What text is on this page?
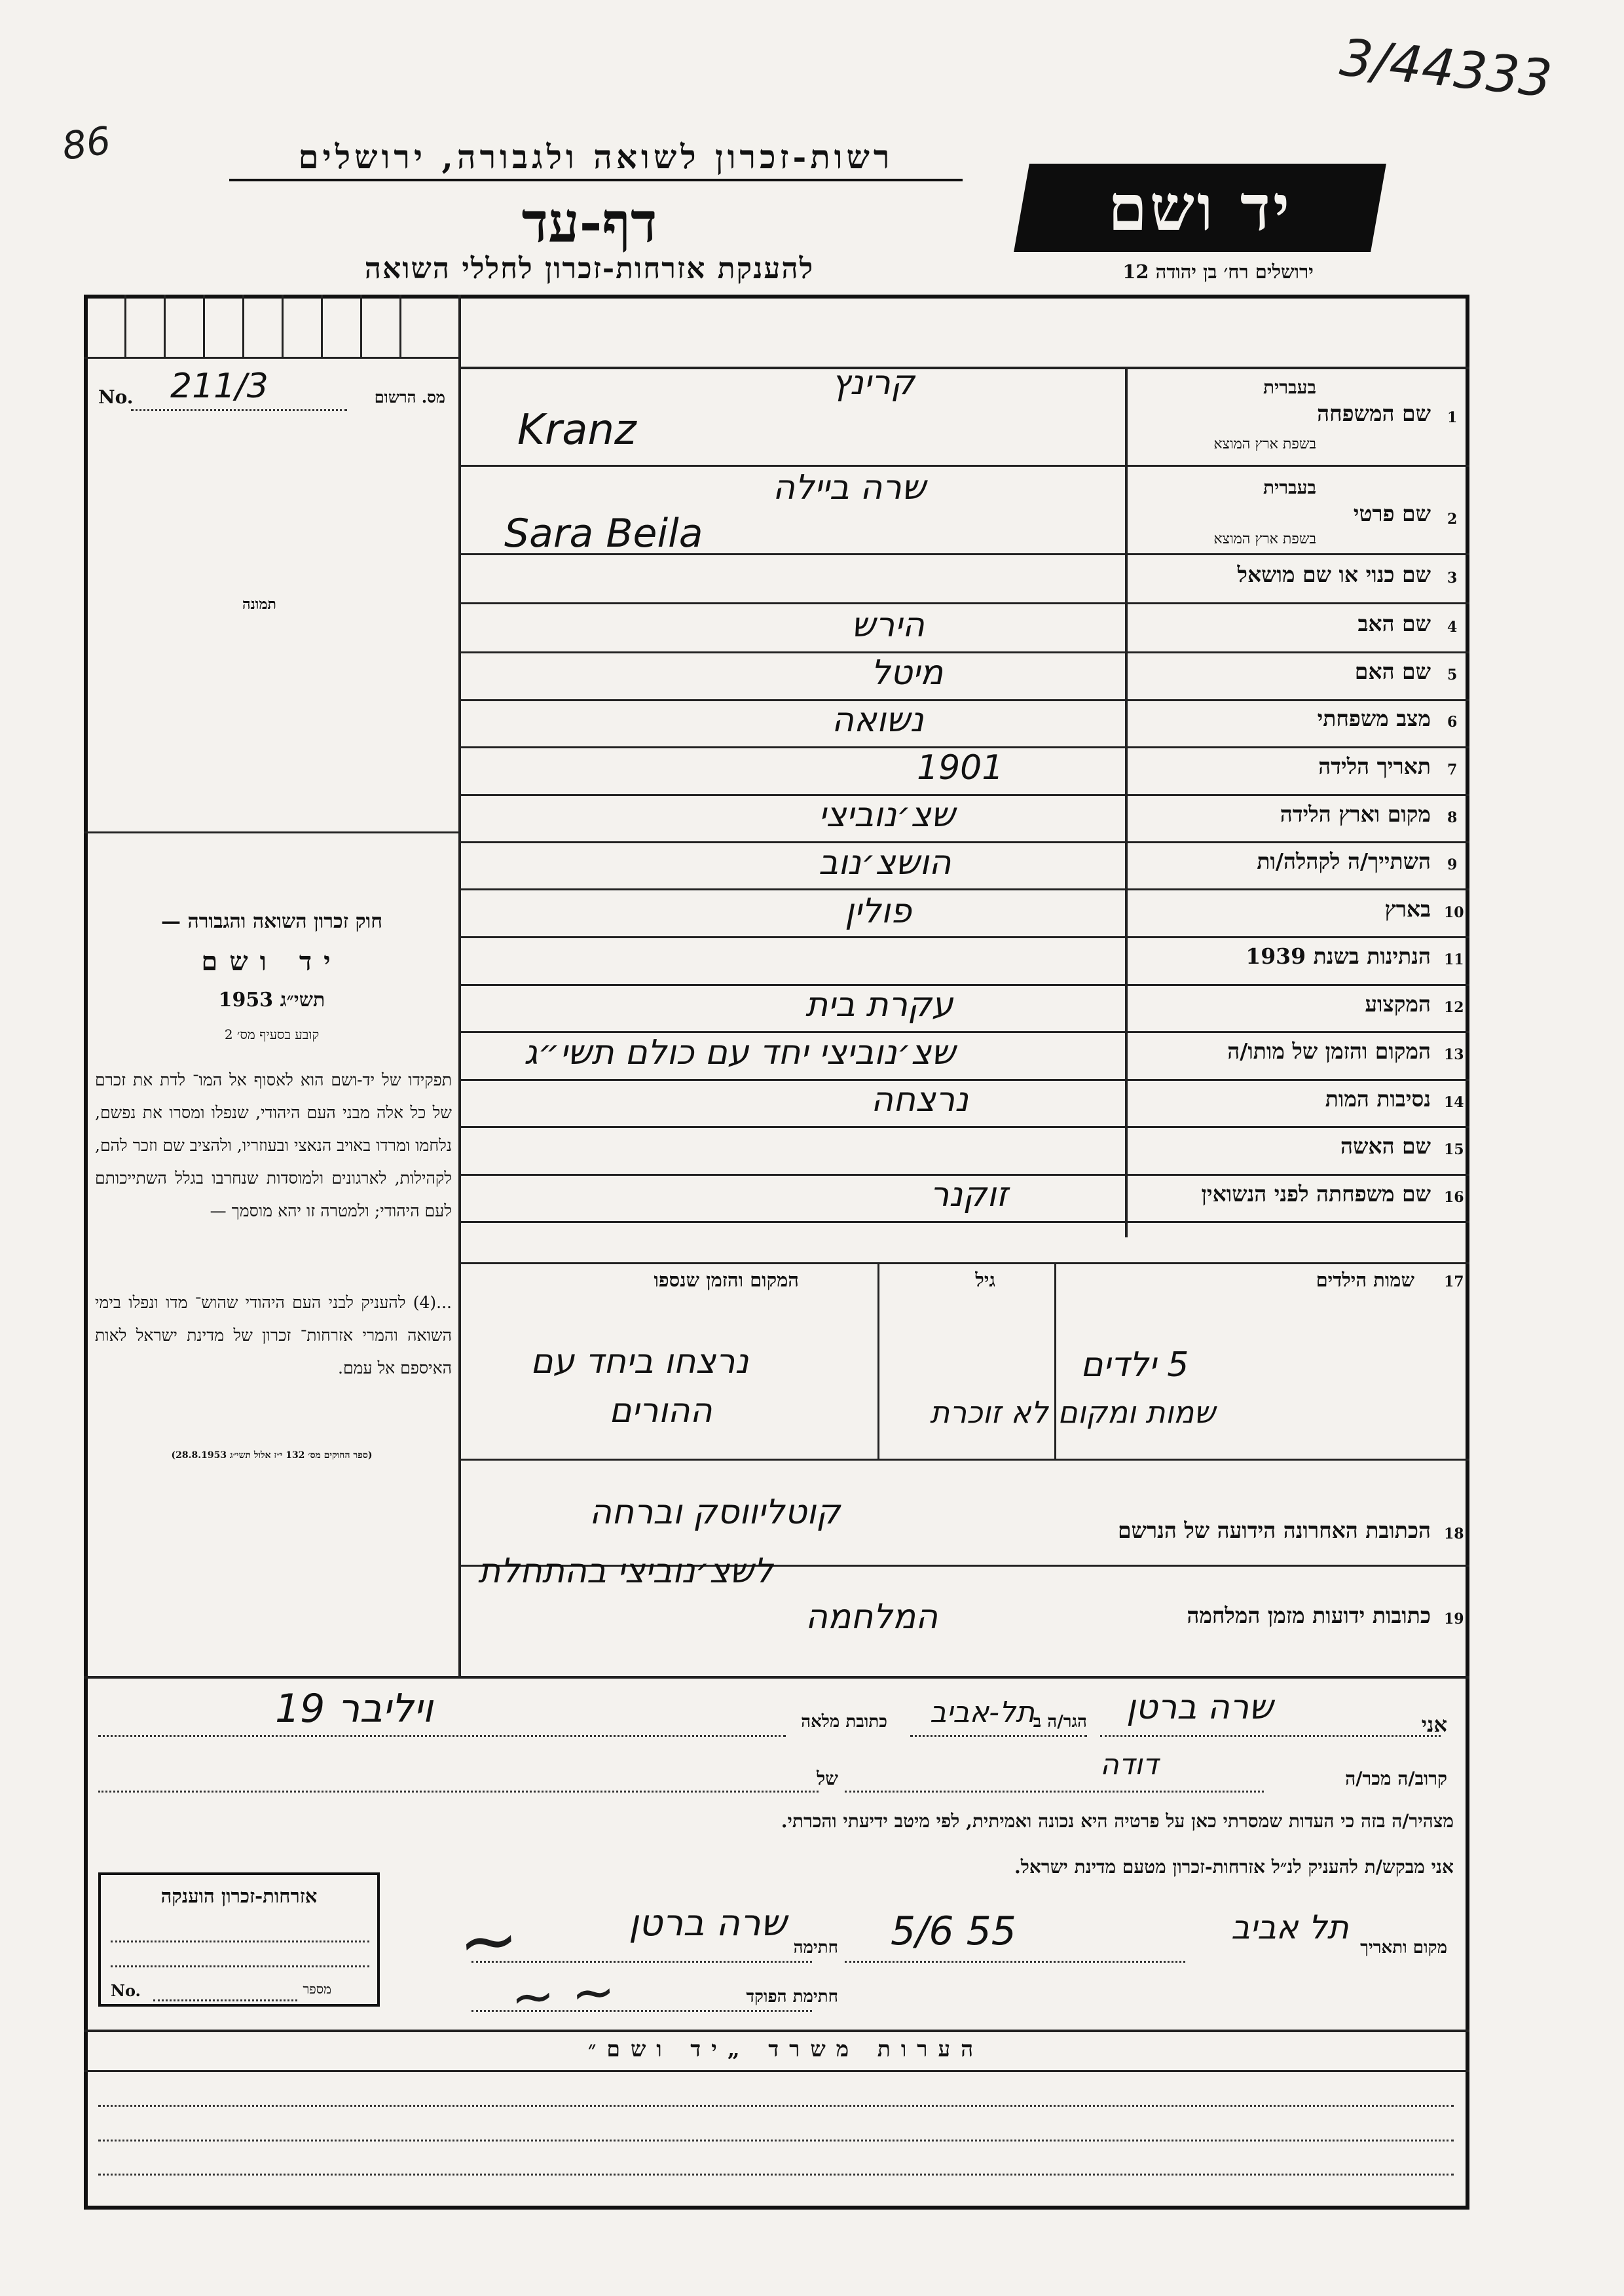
3/44333
86	רשות-זכרון לשואה ולגבורה, ירושלים
דף-עד
להענקת אזרחות-זכרון לחללי השואה
יד ושם
ירושלים רח׳ בן יהודה 12
מס. הרשום
No. 211/3
תמונה
חוק זכרון השואה והגבורה —
יד ושם
תשי״ג 1953
קובע בסעיף מס׳ 2
תפקידו של יד-ושם הוא לאסוף אל המו־ לדת את זכרם של כל אלה מבני העם היהודי, שנפלו ומסרו את נפשם, נלחמו ומרדו באויב הנאצי ובעוזריו, ולהציב שם וזכר להם, לקהילות, לארגונים ולמוסדות שנחרבו בגלל השתייכותם לעם היהודי; ולמטרה זו יהא מוסמך —
...(4) להעניק לבני העם היהודי שהוש־ מדו ונפלו בימי השואה והמרי אזרחות־ זכרון של מדינת ישראל לאות האיספם אל עמם.
(ספר החוקים מס׳ 132 י״ז אלול תשי״ג 28.8.1953)
1
שם המשפחה
בעברית
בשפת ארץ המוצא
קרינץ
Kranz
2
שם פרטי
בעברית
בשפת ארץ המוצא
שרה ביילה
Sara Beila
3
שם כנוי או שם מושאל
4
שם האב
הירש
5
שם האם
מיטל
6
מצב משפחתי
נשואה
7
תאריך הלידה
1901
8
מקום וארץ הלידה
שצ׳נוביצי
9
השתייך/ה לקהלה/ות
הושצ׳נוב
10
בארץ
פולין
11
הנתינות בשנת 1939
12
המקצוע
עקרת בית
13
המקום והזמן של מותו/ה
שצ׳נוביצי יחד עם כולם תשי״ג
14
נסיבות המות
נרצחה
15
שם האשה
16
שם משפחתה לפני הנשואין
זוקנר
17
שמות הילדים
גיל
המקום והזמן שנספו
5 ילדים
שמות ומקום לא זוכרת
נרצחו ביחד עם
ההורים
18
הכתובת האחרונה הידועה של הנרשם
קוטליווסק וברחה
19
כתובות ידועות מזמן המלחמה
לשצ׳נוביצי בהתחלת
המלחמה
אני
שרה ברטן
הגר/ה ב
תל-אביב
כתובת מלאה
ויליבר 19
קרוב/ה מכר/ה
דודה
של
מצהיר/ה בזה כי העדות שמסרתי כאן על פרטיה היא נכונה ואמיתית, לפי מיטב ידיעתי והכרתי.
אני מבקש/ת להעניק לנ״ל אזרחות-זכרון מטעם מדינת ישראל.
מקום ותאריך
תל אביב
5/6 55
חתימה
שרה ברטן
~
חתימת הפוקד
~ ~
אזרחות-זכרון הוענקה
No.	מספר
הערות משרד „יד ושם״
